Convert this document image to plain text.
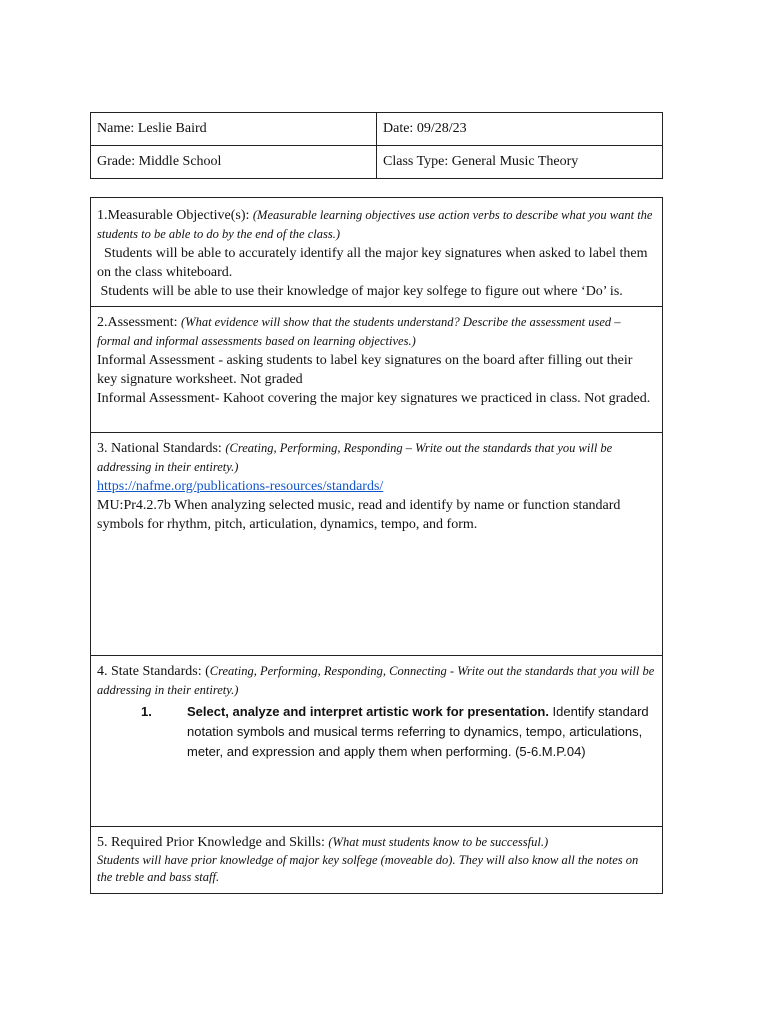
Name: Leslie Baird	Date: 09/28/23
Grade: Middle School	Class Type: General Music Theory
1.Measurable Objective(s): (Measurable learning objectives use action verbs to describe what you want the students to be able to do by the end of the class.)
Students will be able to accurately identify all the major key signatures when asked to label them on the class whiteboard.
Students will be able to use their knowledge of major key solfege to figure out where ‘Do’ is.
2.Assessment: (What evidence will show that the students understand? Describe the assessment used – formal and informal assessments based on learning objectives.)
Informal Assessment - asking students to label key signatures on the board after filling out their key signature worksheet. Not graded
Informal Assessment- Kahoot covering the major key signatures we practiced in class. Not graded.
3. National Standards: (Creating, Performing, Responding – Write out the standards that you will be addressing in their entirety.)
https://nafme.org/publications-resources/standards/
MU:Pr4.2.7b When analyzing selected music, read and identify by name or function standard symbols for rhythm, pitch, articulation, dynamics, tempo, and form.
4. State Standards: (Creating, Performing, Responding, Connecting - Write out the standards that you will be addressing in their entirety.)
1.	Select, analyze and interpret artistic work for presentation. Identify standard notation symbols and musical terms referring to dynamics, tempo, articulations, meter, and expression and apply them when performing. (5-6.M.P.04)
5. Required Prior Knowledge and Skills: (What must students know to be successful.)
Students will have prior knowledge of major key solfege (moveable do). They will also know all the notes on the treble and bass staff.
